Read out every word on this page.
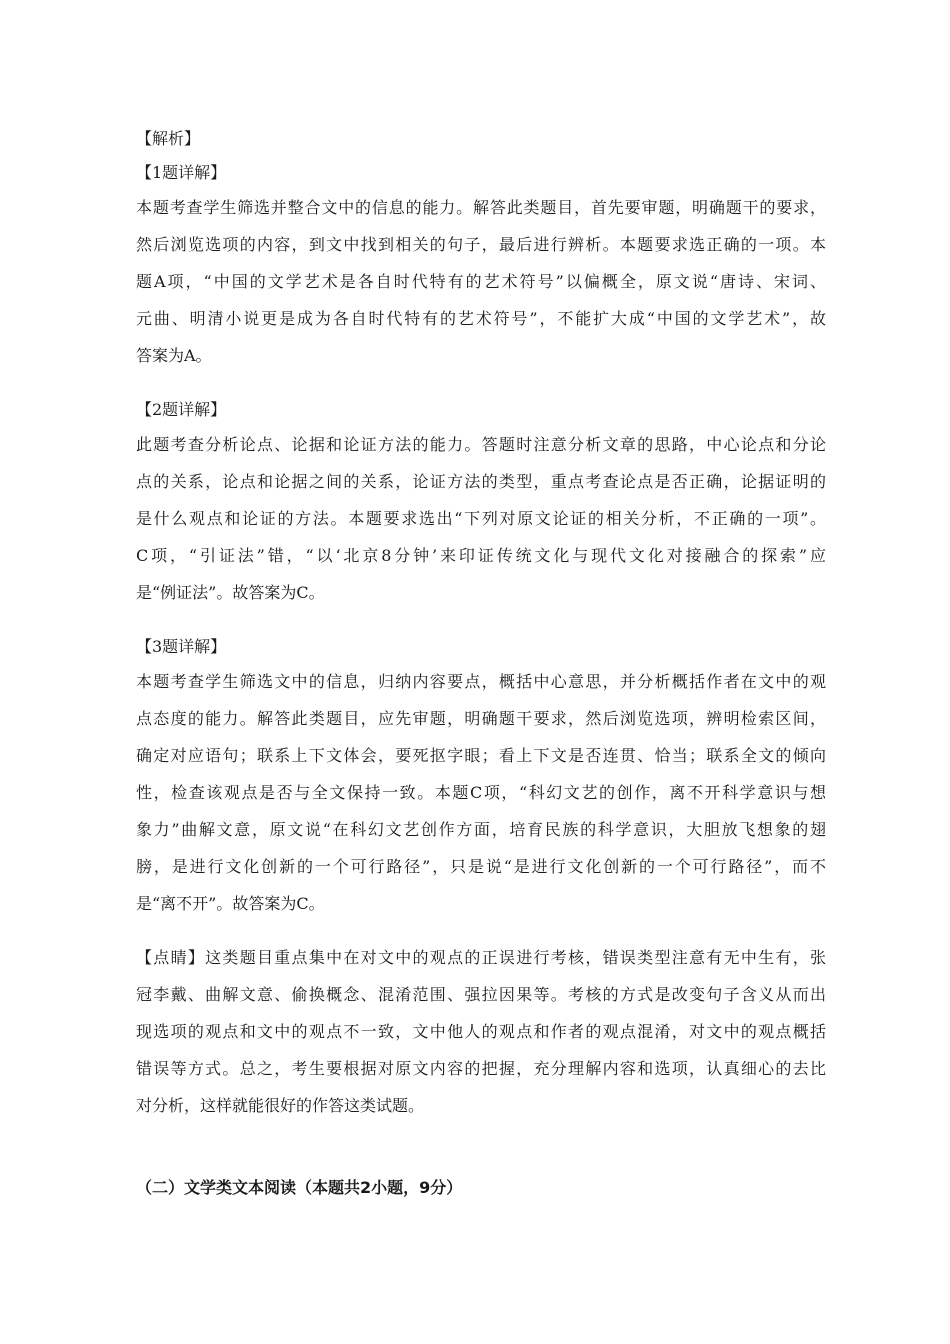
【解析】
【1题详解】
本题考查学生筛选并整合文中的信息的能力。解答此类题目，首先要审题，明确题干的要求，
然后浏览选项的内容，到文中找到相关的句子，最后进行辨析。本题要求选正确的一项。本
题A项，“中国的文学艺术是各自时代特有的艺术符号”以偏概全，原文说“唐诗、宋词、
元曲、明清小说更是成为各自时代特有的艺术符号”，不能扩大成“中国的文学艺术”，故
答案为A。
【2题详解】
此题考查分析论点、论据和论证方法的能力。答题时注意分析文章的思路，中心论点和分论
点的关系，论点和论据之间的关系，论证方法的类型，重点考查论点是否正确，论据证明的
是什么观点和论证的方法。本题要求选出“下列对原文论证的相关分析，不正确的一项”。
C项，“引证法”错，“以‘北京8分钟’来印证传统文化与现代文化对接融合的探索”应
是“例证法”。故答案为C。
【3题详解】
本题考查学生筛选文中的信息，归纳内容要点，概括中心意思，并分析概括作者在文中的观
点态度的能力。解答此类题目，应先审题，明确题干要求，然后浏览选项，辨明检索区间，
确定对应语句；联系上下文体会，要死抠字眼；看上下文是否连贯、恰当；联系全文的倾向
性，检查该观点是否与全文保持一致。本题C项，“科幻文艺的创作，离不开科学意识与想
象力”曲解文意，原文说“在科幻文艺创作方面，培育民族的科学意识，大胆放飞想象的翅
膀，是进行文化创新的一个可行路径”，只是说“是进行文化创新的一个可行路径”，而不
是“离不开”。故答案为C。
【点睛】这类题目重点集中在对文中的观点的正误进行考核，错误类型注意有无中生有，张
冠李戴、曲解文意、偷换概念、混淆范围、强拉因果等。考核的方式是改变句子含义从而出
现选项的观点和文中的观点不一致，文中他人的观点和作者的观点混淆，对文中的观点概括
错误等方式。总之，考生要根据对原文内容的把握，充分理解内容和选项，认真细心的去比
对分析，这样就能很好的作答这类试题。
（二）文学类文本阅读（本题共2小题，9分）
